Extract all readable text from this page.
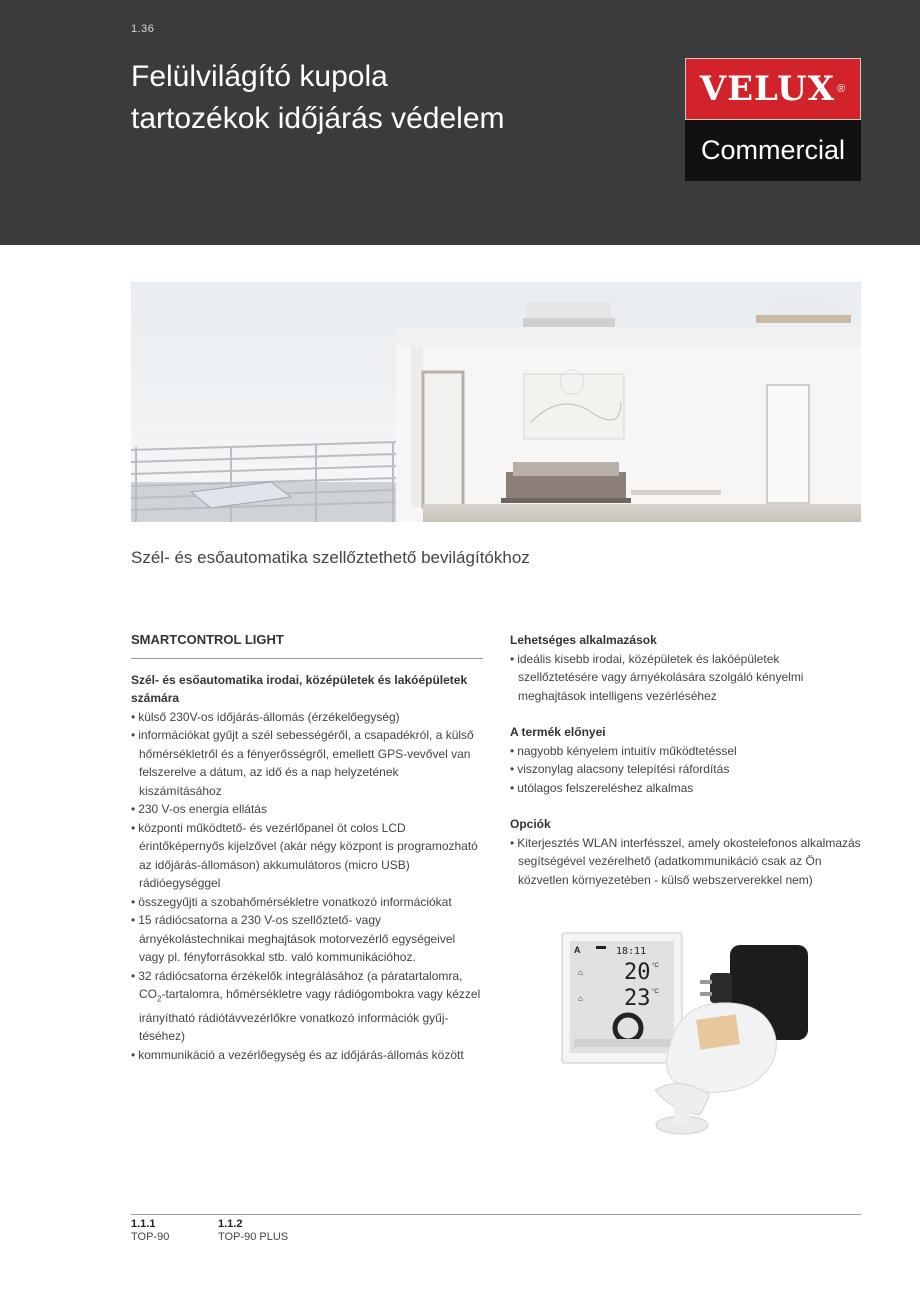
1.36
Felülvilágító kupola
tartozékok időjárás védelem
VELUX ®
Commercial
Szél- és esőautomatika szellőztethető bevilágítókhoz
SMARTCONTROL LIGHT
Szél- és esőautomatika irodai, középületek és lakóépületek számára
• külső 230V-os időjárás-állomás (érzékelőegység)
• információkat gyűjt a szél sebességéről, a csapadékról, a külső hőmérsékletről és a fényerősségről, emellett GPS-vevővel van felszerelve a dátum, az idő és a nap helyzetének kiszámításához
• 230 V-os energia ellátás
• központi működtető- és vezérlőpanel öt colos LCD érintőképernyős kijelzővel (akár négy központ is programozható az időjárás-állomáson) akkumulátoros (micro USB) rádióegységgel
• összegyűjti a szobahőmérsékletre vonatkozó információkat
• 15 rádiócsatorna a 230 V-os szellőztető- vagy árnyékolástechnikai meghajtások motorvezérlő egységeivel vagy pl. fényforrásokkal stb. való kommunikációhoz.
• 32 rádiócsatorna érzékelők integrálásához (a páratartalomra, $CO_2$-tartalomra, hőmérsékletre vagy rádiógombokra vagy kézzel irányítható rádiótávvezérlőkre vonatkozó információk gyűj-téséhez)
• kommunikáció a vezérlőegység és az időjárás-állomás között
Lehetséges alkalmazások
• ideális kisebb irodai, középületek és lakóépületek szellőztetésére vagy árnyékolására szolgáló kényelmi meghajtások intelligens vezérléséhez
A termék előnyei
• nagyobb kényelem intuitív működtetéssel
• viszonylag alacsony telepítési ráfordítás
• utólagos felszereléshez alkalmas
Opciók
• Kiterjesztés WLAN interfésszel, amely okostelefonos alkalmazás segítségével vezérelhető (adatkommunikáció csak az Ön közvetlen környezetében - külső webszerverekkel nem)
A	18:11
⌂ 20 °C
⌂ 23 °C
1.1.1
TOP-90
1.1.2
TOP-90 PLUS
